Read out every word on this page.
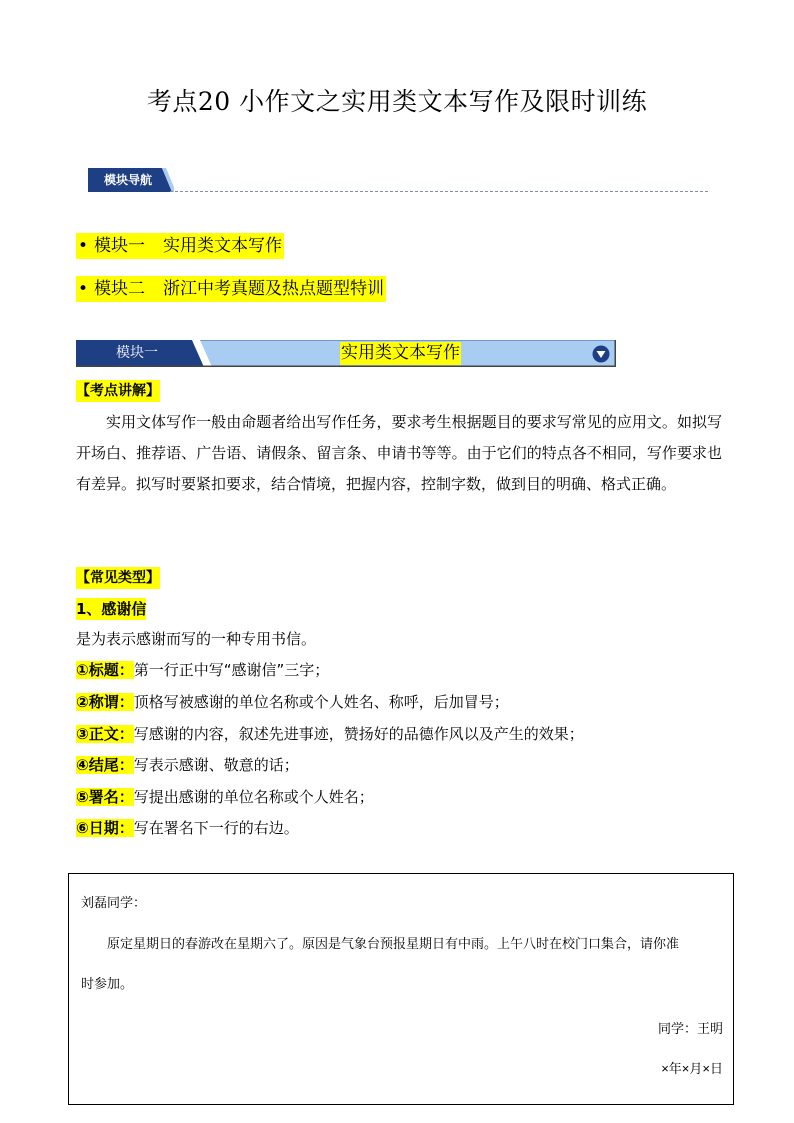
考点20 小作文之实用类文本写作及限时训练
模块导航
• 模块一 实用类文本写作
• 模块二 浙江中考真题及热点题型特训
模块一	实用类文本写作
【考点讲解】
实用文体写作一般由命题者给出写作任务，要求考生根据题目的要求写常见的应用文。如拟写开场白、推荐语、广告语、请假条、留言条、申请书等等。由于它们的特点各不相同，写作要求也有差异。拟写时要紧扣要求，结合情境，把握内容，控制字数，做到目的明确、格式正确。
【常见类型】
1、感谢信
是为表示感谢而写的一种专用书信。
①标题：第一行正中写“感谢信”三字；
②称谓：顶格写被感谢的单位名称或个人姓名、称呼，后加冒号；
③正文：写感谢的内容，叙述先进事迹，赞扬好的品德作风以及产生的效果；
④结尾：写表示感谢、敬意的话；
⑤署名：写提出感谢的单位名称或个人姓名；
⑥日期：写在署名下一行的右边。
刘磊同学：
原定星期日的春游改在星期六了。原因是气象台预报星期日有中雨。上午八时在校门口集合，请你准
时参加。
同学：王明
×年×月×日
